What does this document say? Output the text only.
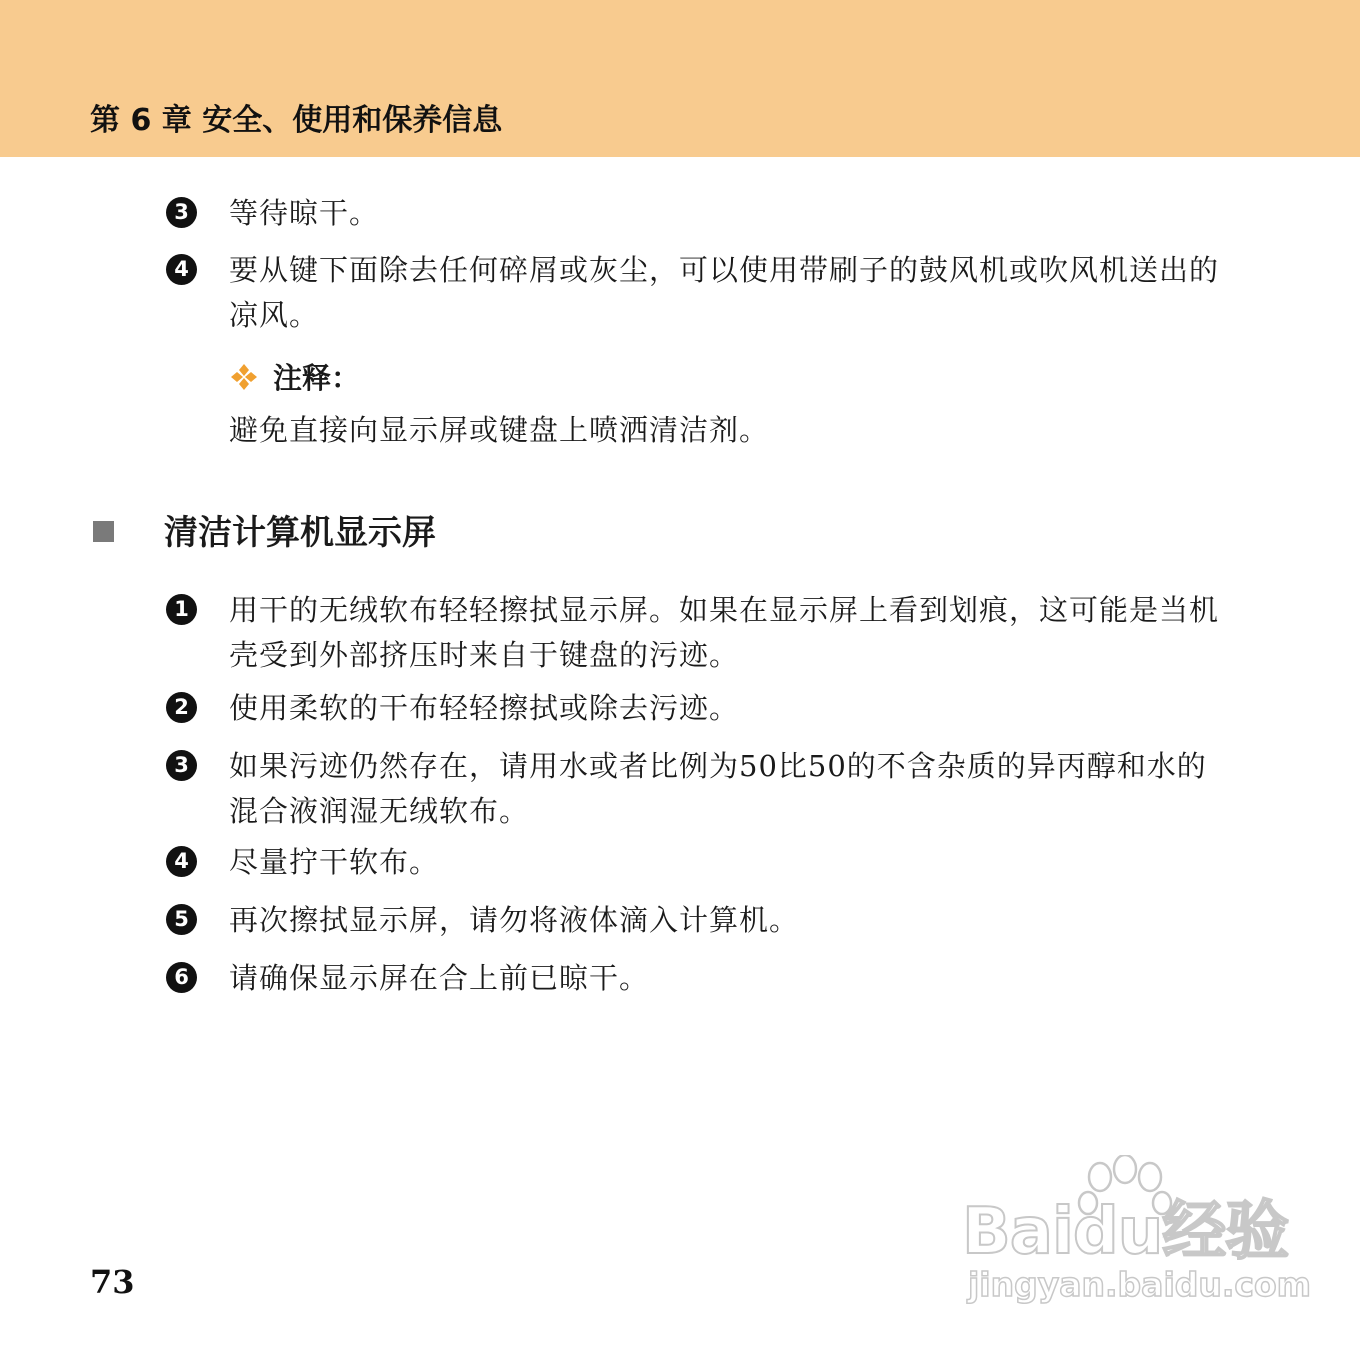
第 6 章 安全、使用和保养信息
3 等待晾干。
4 要从键下面除去任何碎屑或灰尘，可以使用带刷子的鼓风机或吹风机送出的凉风。
注释：
避免直接向显示屏或键盘上喷洒清洁剂。
清洁计算机显示屏
1 用干的无绒软布轻轻擦拭显示屏。如果在显示屏上看到划痕，这可能是当机壳受到外部挤压时来自于键盘的污迹。
2 使用柔软的干布轻轻擦拭或除去污迹。
3 如果污迹仍然存在，请用水或者比例为50比50的不含杂质的异丙醇和水的混合液润湿无绒软布。
4 尽量拧干软布。
5 再次擦拭显示屏，请勿将液体滴入计算机。
6 请确保显示屏在合上前已晾干。
73
Baidu经验
jingyan.baidu.com
